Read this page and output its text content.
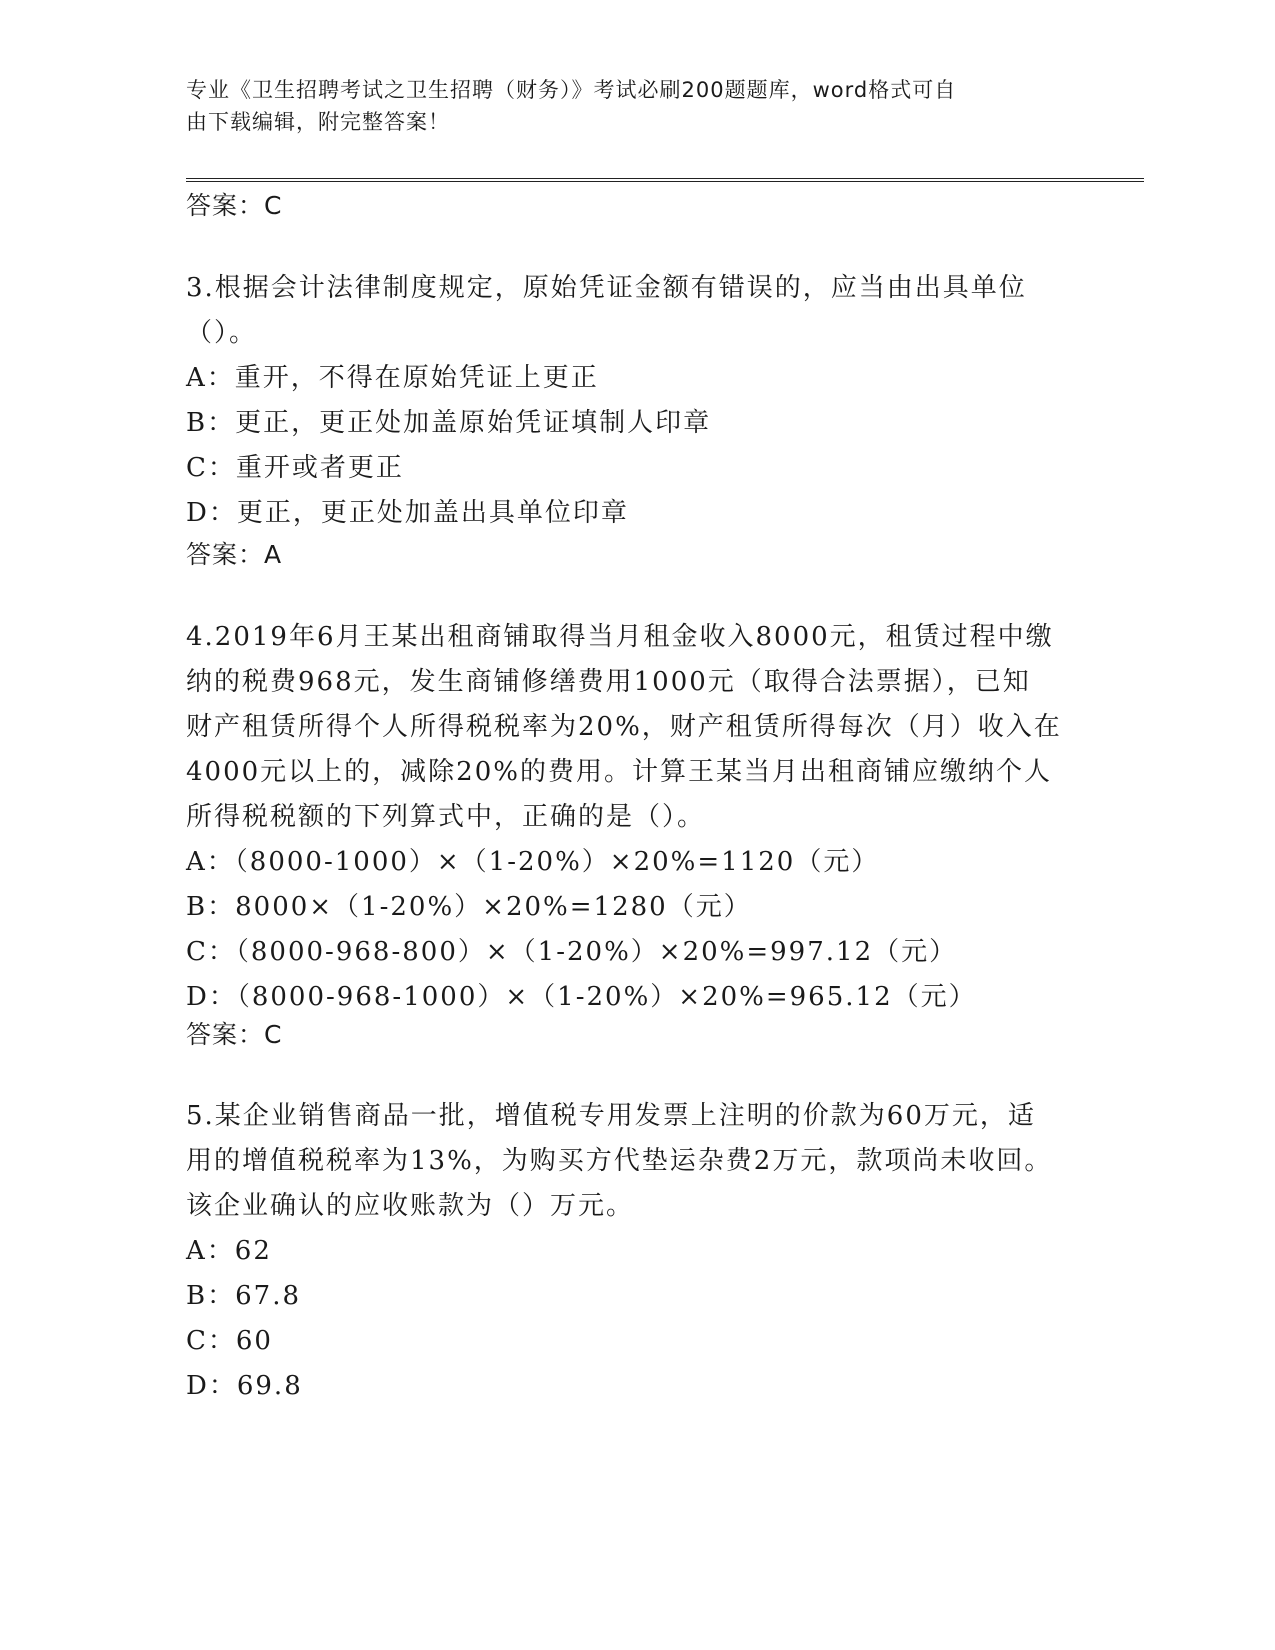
专业《卫生招聘考试之卫生招聘（财务）》考试必刷200题题库，word格式可自
由下载编辑，附完整答案！
答案：C

3.根据会计法律制度规定，原始凭证金额有错误的，应当由出具单位

（）。

A：重开，不得在原始凭证上更正

B：更正，更正处加盖原始凭证填制人印章

C：重开或者更正

D：更正，更正处加盖出具单位印章

答案：A

4.2019年6月王某出租商铺取得当月租金收入8000元，租赁过程中缴

纳的税费968元，发生商铺修缮费用1000元（取得合法票据），已知

财产租赁所得个人所得税税率为20%，财产租赁所得每次（月）收入在

4000元以上的，减除20%的费用。计算王某当月出租商铺应缴纳个人

所得税税额的下列算式中，正确的是（）。

A：（8000-1000）×（1-20%）×20%=1120（元）

B：8000×（1-20%）×20%=1280（元）

C：（8000-968-800）×（1-20%）×20%=997.12（元）

D：（8000-968-1000）×（1-20%）×20%=965.12（元）

答案：C

5.某企业销售商品一批，增值税专用发票上注明的价款为60万元，适

用的增值税税率为13%，为购买方代垫运杂费2万元，款项尚未收回。

该企业确认的应收账款为（）万元。

A：62

B：67.8

C：60

D：69.8
